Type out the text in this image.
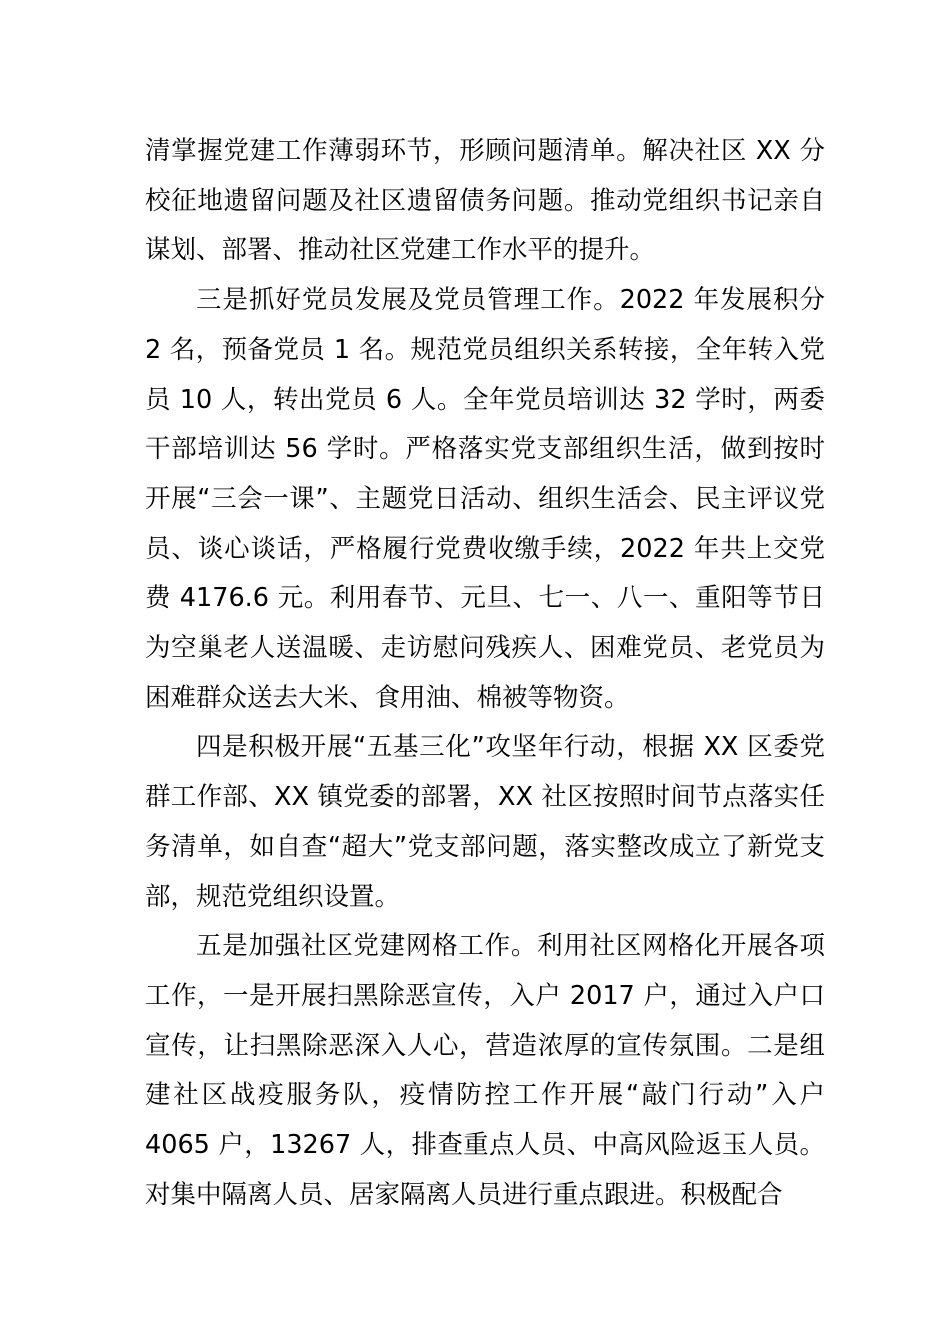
清掌握党建工作薄弱环节，形顾问题清单。解决社区 XX 分校征地遗留问题及社区遗留债务问题。推动党组织书记亲自谋划、部署、推动社区党建工作水平的提升。

三是抓好党员发展及党员管理工作。2022 年发展积分 2 名，预备党员 1 名。规范党员组织关系转接，全年转入党员 10 人，转出党员 6 人。全年党员培训达 32 学时，两委干部培训达 56 学时。严格落实党支部组织生活，做到按时开展“三会一课”、主题党日活动、组织生活会、民主评议党员、谈心谈话，严格履行党费收缴手续，2022 年共上交党费 4176.6 元。利用春节、元旦、七一、八一、重阳等节日为空巢老人送温暖、走访慰问残疾人、困难党员、老党员为困难群众送去大米、食用油、棉被等物资。

四是积极开展“五基三化”攻坚年行动，根据 XX 区委党群工作部、XX 镇党委的部署，XX 社区按照时间节点落实任务清单，如自查“超大”党支部问题，落实整改成立了新党支部，规范党组织设置。

五是加强社区党建网格工作。利用社区网格化开展各项工作，一是开展扫黑除恶宣传，入户 2017 户，通过入户口宣传，让扫黑除恶深入人心，营造浓厚的宣传氛围。二是组建社区战疫服务队，疫情防控工作开展“敲门行动”入户 4065 户，13267 人，排查重点人员、中高风险返玉人员。对集中隔离人员、居家隔离人员进行重点跟进。积极配合
